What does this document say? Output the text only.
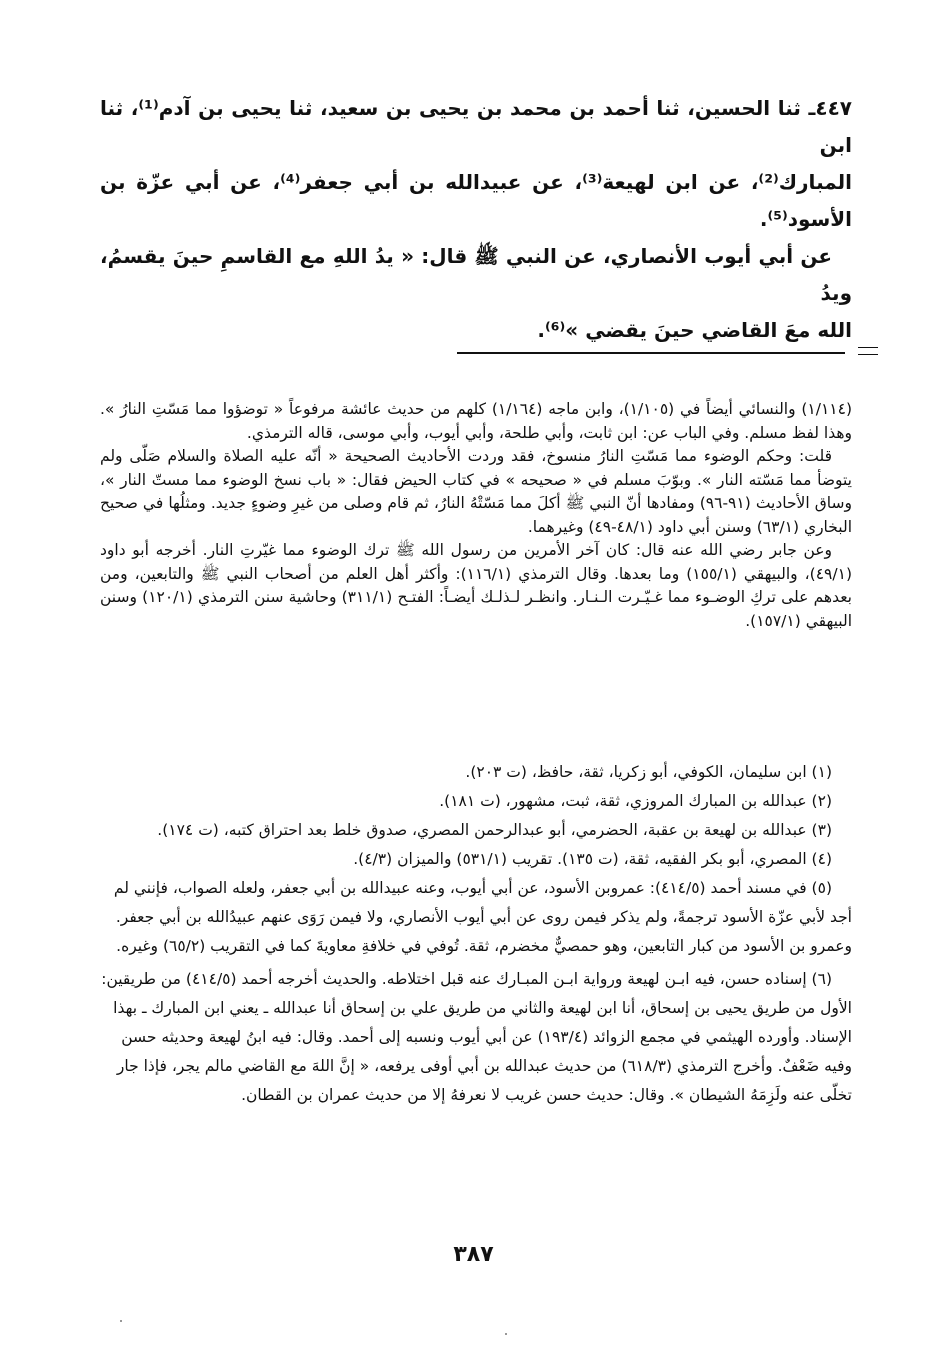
٤٤٧ـ ثنا الحسين، ثنا أحمد بن محمد بن يحيى بن سعيد، ثنا يحيى بن آدم⁽¹⁾، ثنا ابن

المبارك⁽²⁾، عن ابن لهيعة⁽³⁾، عن عبيدالله بن أبي جعفر⁽⁴⁾، عن أبي عزّة بن الأسود⁽⁵⁾.

عن أبي أيوب الأنصاري، عن النبي ﷺ قال: « يدُ اللهِ مع القاسمِ حينَ يقسمُ، ويدُ

الله معَ القاضي حينَ يقضي »⁽⁶⁾.

(١/١١٤) والنسائي أيضاً في (١/١٠٥)، وابن ماجه (١/١٦٤) كلهم من حديث عائشة مرفوعاً « توضؤوا مما مَسّتِ النارُ ». وهذا لفظ مسلم. وفي الباب عن: ابن ثابت، وأبي طلحة، وأبي أيوب، وأبي موسى، قاله الترمذي.

قلت: وحكم الوضوء مما مَسّتِ النارُ منسوخ، فقد وردت الأحاديث الصحيحة « أنّه عليه الصلاة والسلام صَلّى ولم يتوضأ مما مَسّته النار ». وبوّبَ مسلم في « صحيحه » في كتاب الحيض فقال: « باب نسخ الوضوء مما مستّ النار »، وساق الأحاديث (٩١-٩٦) ومفادها أنّ النبي ﷺ أكلَ مما مَسّتْهُ النارُ، ثم قام وصلى من غيرِ وضوءٍ جديد. ومثلُها في صحيح البخاري (٦٣/١) وسنن أبي داود (٤٨/١-٤٩) وغيرهما.

وعن جابر رضي الله عنه قال: كان آخر الأمرين من رسول الله ﷺ ترك الوضوء مما غيّرتِ النار. أخرجه أبو داود (٤٩/١)، والبيهقي (١٥٥/١) وما بعدها. وقال الترمذي (١١٦/١): وأكثر أهل العلم من أصحاب النبي ﷺ والتابعين، ومن بعدهم على تركِ الوضـوء مما غـيّـرت الـنـار. وانظـر لـذلـك أيضـاً: الفتـح (٣١١/١) وحاشية سنن الترمذي (١٢٠/١) وسنن البيهقي (١٥٧/١).

(١) ابن سليمان، الكوفي، أبو زكريا، ثقة، حافظ، (ت ٢٠٣).

(٢) عبدالله بن المبارك المروزي، ثقة، ثبت، مشهور، (ت ١٨١).

(٣) عبدالله بن لهيعة بن عقبة، الحضرمي، أبو عبدالرحمن المصري، صدوق خلط بعد احتراق كتبه، (ت ١٧٤).

(٤) المصري، أبو بكر الفقيه، ثقة، (ت ١٣٥). تقريب (٥٣١/١) والميزان (٤/٣).

(٥) في مسند أحمد (٤١٤/٥): عمروبن الأسود، عن أبي أيوب، وعنه عبيدالله بن أبي جعفر، ولعله الصواب، فإنني لم أجد لأبي عزّة الأسود ترجمةً، ولم يذكر فيمن روى عن أبي أيوب الأنصاري، ولا فيمن رَوَى عنهم عبيدُالله بن أبي جعفر. وعمرو بن الأسود من كبار التابعين، وهو حمصيٌّ مخضرم، ثقة. تُوفي في خلافةِ معاويةَ كما في التقريب (٦٥/٢) وغيره.

(٦) إسناده حسن، فيه ابـن لهيعة ورواية ابـن المبـارك عنه قبل اختلاطه. والحديث أخرجه أحمد (٤١٤/٥) من طريقين: الأول من طريق يحيى بن إسحاق، أنا ابن لهيعة والثاني من طريق علي بن إسحاق أنا عبدالله ـ يعني ابن المبارك ـ بهذا الإسناد. وأورده الهيثمي في مجمع الزوائد (١٩٣/٤) عن أبي أيوب ونسبه إلى أحمد. وقال: فيه ابنُ لهيعة وحديثه حسن وفيه ضَعْفٌ. وأخرج الترمذي (٦١٨/٣) من حديث عبدالله بن أبي أوفى يرفعه، « إنَّ اللهَ مع القاضي مالم يجر، فإذا جار تخلّى عنه ولَزِمَهُ الشيطان ». وقال: حديث حسن غريب لا نعرفهُ إلا من حديث عمران بن القطان.

٣٨٧
